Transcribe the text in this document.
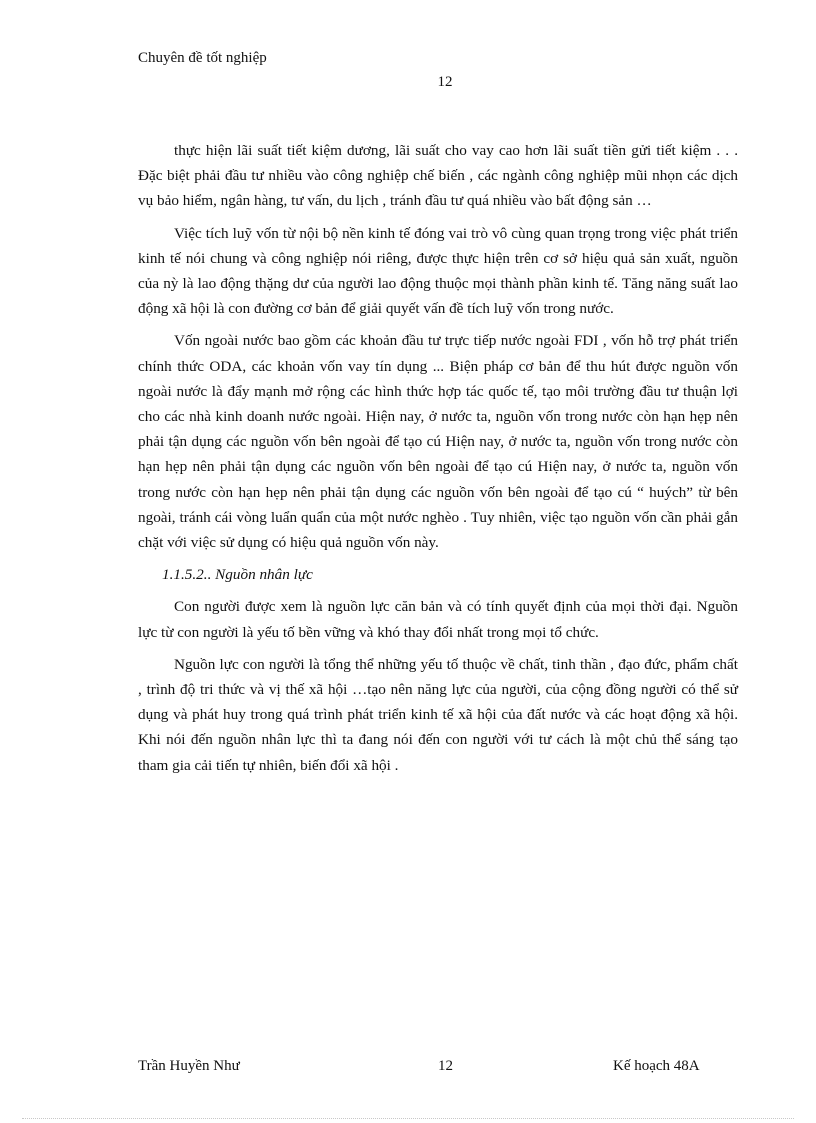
Chuyên đề tốt nghiệp
12

thực hiện lãi suất tiết kiệm dương, lãi suất cho vay cao hơn lãi suất tiền gửi tiết kiệm . . . Đặc biệt phải đầu tư nhiều vào công nghiệp chế biến , các ngành công nghiệp mũi nhọn các dịch vụ bảo hiểm, ngân hàng, tư vấn, du lịch , tránh đầu tư quá nhiều vào bất động sản …

Việc tích luỹ vốn từ nội bộ nền kinh tế đóng vai trò vô cùng quan trọng trong việc phát triển kinh tế nói chung và công nghiệp nói riêng, được thực hiện trên cơ sở hiệu quả sản xuất, nguồn của nỳ là lao động thặng dư của người lao động thuộc mọi thành phần kinh tế. Tăng năng suất lao động xã hội là con đường cơ bản để giải quyết vấn đề tích luỹ vốn trong nước.

Vốn ngoài nước bao gồm các khoản đầu tư trực tiếp nước ngoài FDI , vốn hỗ trợ phát triển chính thức ODA, các khoản vốn vay tín dụng ... Biện pháp cơ bản để thu hút được nguồn vốn ngoài nước là đẩy mạnh mở rộng các hình thức hợp tác quốc tế, tạo môi trường đầu tư thuận lợi cho các nhà kinh doanh nước ngoài. Hiện nay, ở nước ta, nguồn vốn trong nước còn hạn hẹp nên phải tận dụng các nguồn vốn bên ngoài để tạo cú Hiện nay, ở nước ta, nguồn vốn trong nước còn hạn hẹp nên phải tận dụng các nguồn vốn bên ngoài để tạo cú Hiện nay, ở nước ta, nguồn vốn trong nước còn hạn hẹp nên phải tận dụng các nguồn vốn bên ngoài để tạo cú “ huých” từ bên ngoài, tránh cái vòng luẩn quẩn của một nước nghèo . Tuy nhiên, việc tạo nguồn vốn cần phải gắn chặt với việc sử dụng có hiệu quả nguồn vốn này.

1.1.5.2.. Nguồn nhân lực

Con người được xem là nguồn lực căn bản và có tính quyết định của mọi thời đại. Nguồn lực từ con người là yếu tố bền vững và khó thay đổi nhất trong mọi tổ chức.

Nguồn lực con người là tổng thể những yếu tố thuộc về chất, tinh thần , đạo đức, phẩm chất , trình độ tri thức và vị thế xã hội …tạo nên năng lực của người, của cộng đồng người có thể sử dụng và phát huy trong quá trình phát triển kinh tế xã hội của đất nước và các hoạt động xã hội. Khi nói đến nguồn nhân lực thì ta đang nói đến con người với tư cách là một chủ thể sáng tạo tham gia cải tiến tự nhiên, biến đổi xã hội .

Trần Huyền Như	12	Kế hoạch 48A
